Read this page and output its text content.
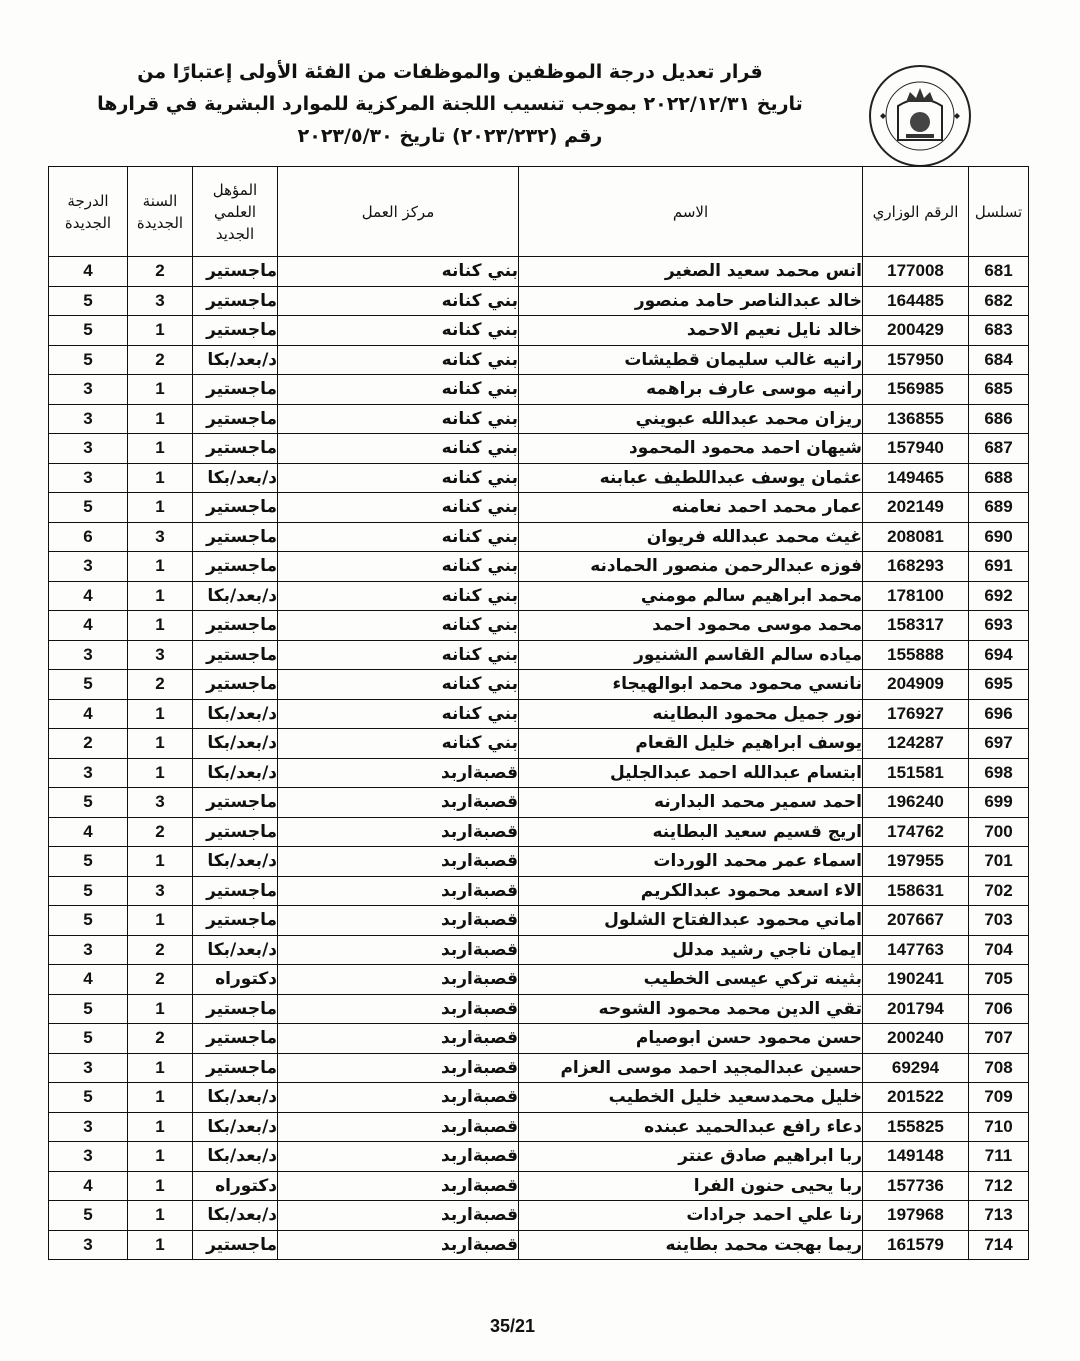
قرار تعديل درجة الموظفين والموظفات من الفئة الأولى إعتبارًا من
تاريخ ٢٠٢٢/١٢/٣١ بموجب تنسيب اللجنة المركزية للموارد البشرية في قرارها
رقم (٢٠٢٣/٢٣٢) تاريخ ٢٠٢٣/٥/٣٠
تسلسل	الرقم الوزاري	الاسم	مركز العمل	المؤهل العلمي الجديد	السنة الجديدة	الدرجة الجديدة
681	177008	انس محمد سعيد الصغير	بني كنانه	ماجستير	2	4
682	164485	خالد عبدالناصر حامد منصور	بني كنانه	ماجستير	3	5
683	200429	خالد نايل نعيم الاحمد	بني كنانه	ماجستير	1	5
684	157950	رانيه غالب سليمان قطيشات	بني كنانه	د/بعد/بكا	2	5
685	156985	رانيه موسى عارف براهمه	بني كنانه	ماجستير	1	3
686	136855	ريزان محمد عبدالله عبويني	بني كنانه	ماجستير	1	3
687	157940	شيهان احمد محمود المحمود	بني كنانه	ماجستير	1	3
688	149465	عثمان يوسف عبداللطيف عبابنه	بني كنانه	د/بعد/بكا	1	3
689	202149	عمار محمد احمد نعامنه	بني كنانه	ماجستير	1	5
690	208081	غيث محمد عبدالله فريوان	بني كنانه	ماجستير	3	6
691	168293	فوزه عبدالرحمن منصور الحمادنه	بني كنانه	ماجستير	1	3
692	178100	محمد ابراهيم سالم مومني	بني كنانه	د/بعد/بكا	1	4
693	158317	محمد موسى محمود احمد	بني كنانه	ماجستير	1	4
694	155888	مياده سالم القاسم الشنيور	بني كنانه	ماجستير	3	3
695	204909	نانسي محمود محمد ابوالهيجاء	بني كنانه	ماجستير	2	5
696	176927	نور جميل محمود البطاينه	بني كنانه	د/بعد/بكا	1	4
697	124287	يوسف ابراهيم خليل القعام	بني كنانه	د/بعد/بكا	1	2
698	151581	ابتسام عبدالله احمد عبدالجليل	قصبةاربد	د/بعد/بكا	1	3
699	196240	احمد سمير محمد البدارنه	قصبةاربد	ماجستير	3	5
700	174762	اريج قسيم سعيد البطاينه	قصبةاربد	ماجستير	2	4
701	197955	اسماء عمر محمد الوردات	قصبةاربد	د/بعد/بكا	1	5
702	158631	الاء اسعد محمود عبدالكريم	قصبةاربد	ماجستير	3	5
703	207667	اماني محمود عبدالفتاح الشلول	قصبةاربد	ماجستير	1	5
704	147763	ايمان ناجي رشيد مدلل	قصبةاربد	د/بعد/بكا	2	3
705	190241	بثينه تركي عيسى الخطيب	قصبةاربد	دكتوراه	2	4
706	201794	تقي الدين محمد محمود الشوحه	قصبةاربد	ماجستير	1	5
707	200240	حسن محمود حسن ابوصيام	قصبةاربد	ماجستير	2	5
708	69294	حسين عبدالمجيد احمد موسى العزام	قصبةاربد	ماجستير	1	3
709	201522	خليل محمدسعيد خليل الخطيب	قصبةاربد	د/بعد/بكا	1	5
710	155825	دعاء رافع عبدالحميد عبنده	قصبةاربد	د/بعد/بكا	1	3
711	149148	ربا ابراهيم صادق عنتر	قصبةاربد	د/بعد/بكا	1	3
712	157736	ربا يحيى حنون الفرا	قصبةاربد	دكتوراه	1	4
713	197968	رنا علي احمد جرادات	قصبةاربد	د/بعد/بكا	1	5
714	161579	ريما بهجت محمد بطاينه	قصبةاربد	ماجستير	1	3
35/21
